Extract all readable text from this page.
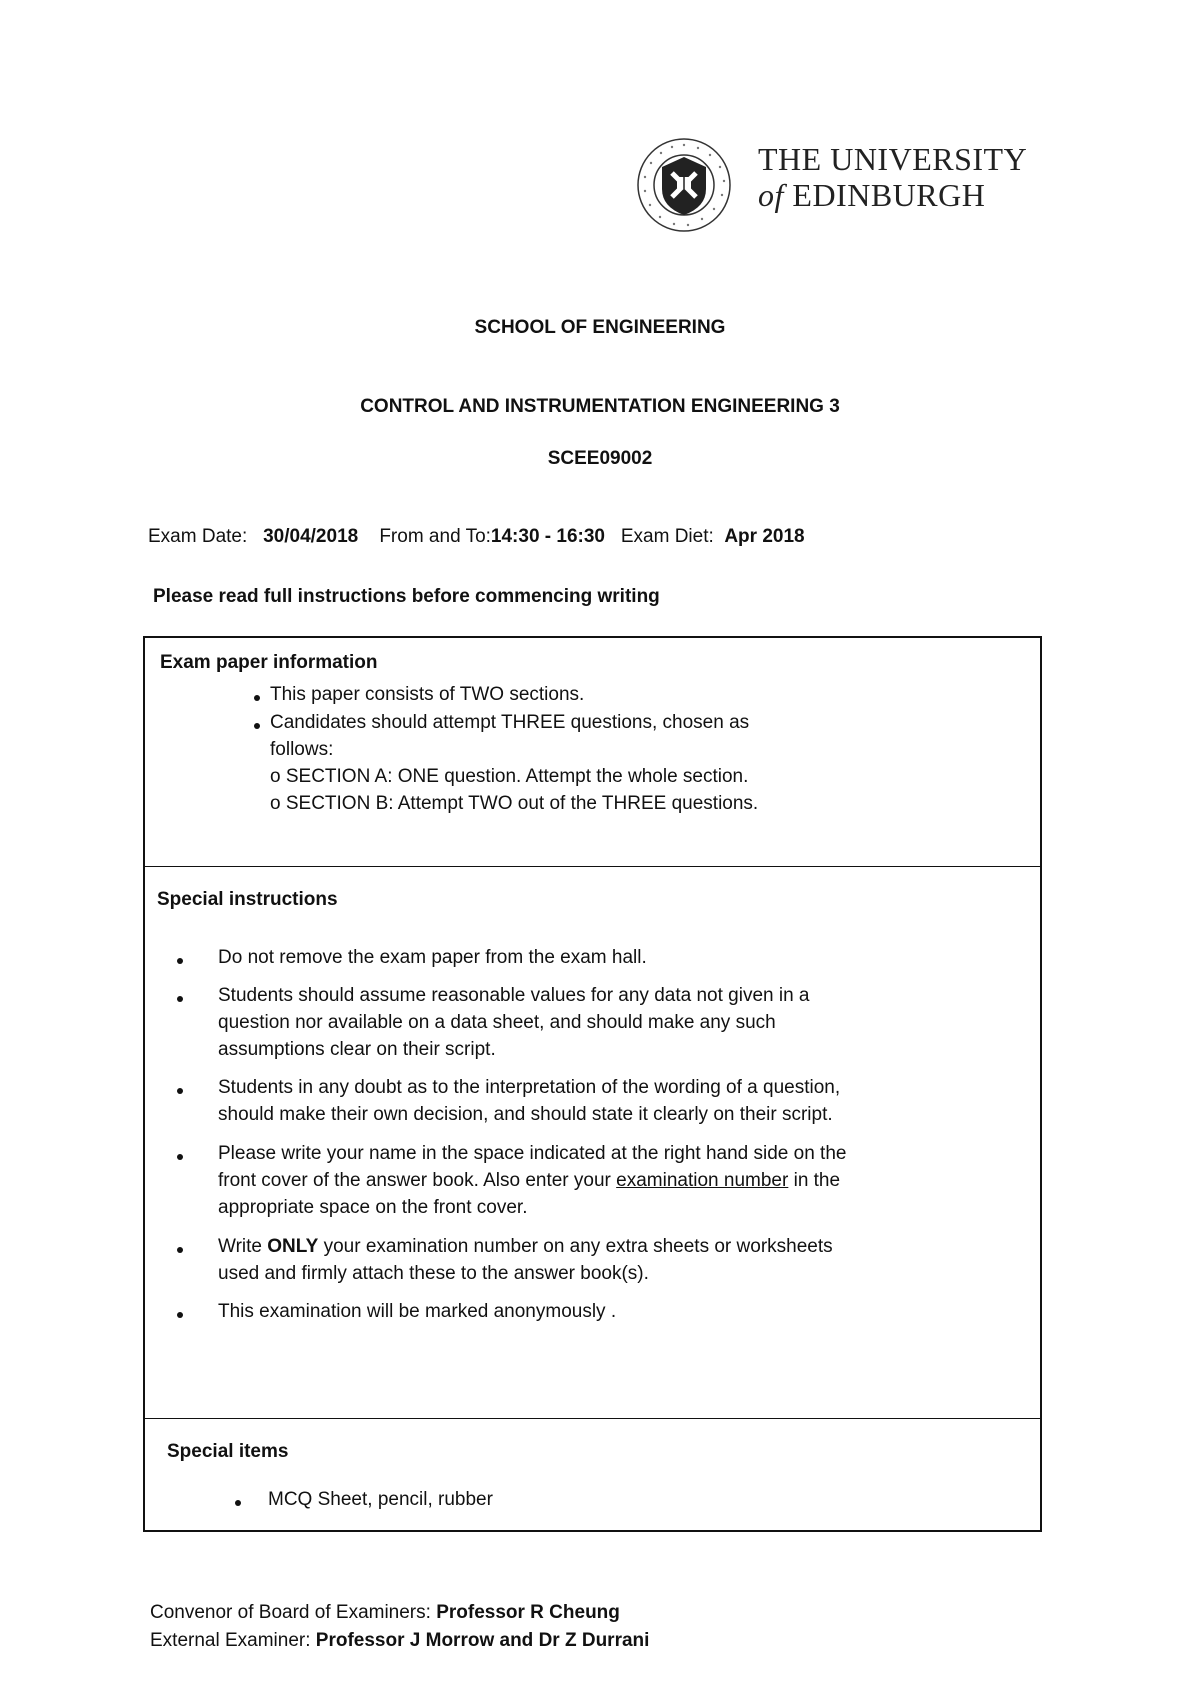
THE UNIVERSITY
of EDINBURGH
SCHOOL OF ENGINEERING
CONTROL AND INSTRUMENTATION ENGINEERING 3
SCEE09002
Exam Date: 30/04/2018 From and To:14:30 - 16:30 Exam Diet: Apr 2018
Please read full instructions before commencing writing
Exam paper information
This paper consists of TWO sections.
Candidates should attempt THREE questions, chosen as
follows:
o SECTION A: ONE question. Attempt the whole section.
o SECTION B: Attempt TWO out of the THREE questions.
Special instructions
Do not remove the exam paper from the exam hall.
Students should assume reasonable values for any data not given in a
question nor available on a data sheet, and should make any such
assumptions clear on their script.
Students in any doubt as to the interpretation of the wording of a question,
should make their own decision, and should state it clearly on their script.
Please write your name in the space indicated at the right hand side on the
front cover of the answer book. Also enter your examination number in the
appropriate space on the front cover.
Write ONLY your examination number on any extra sheets or worksheets
used and firmly attach these to the answer book(s).
This examination will be marked anonymously .
Special items
MCQ Sheet, pencil, rubber
Convenor of Board of Examiners: Professor R Cheung
External Examiner: Professor J Morrow and Dr Z Durrani
